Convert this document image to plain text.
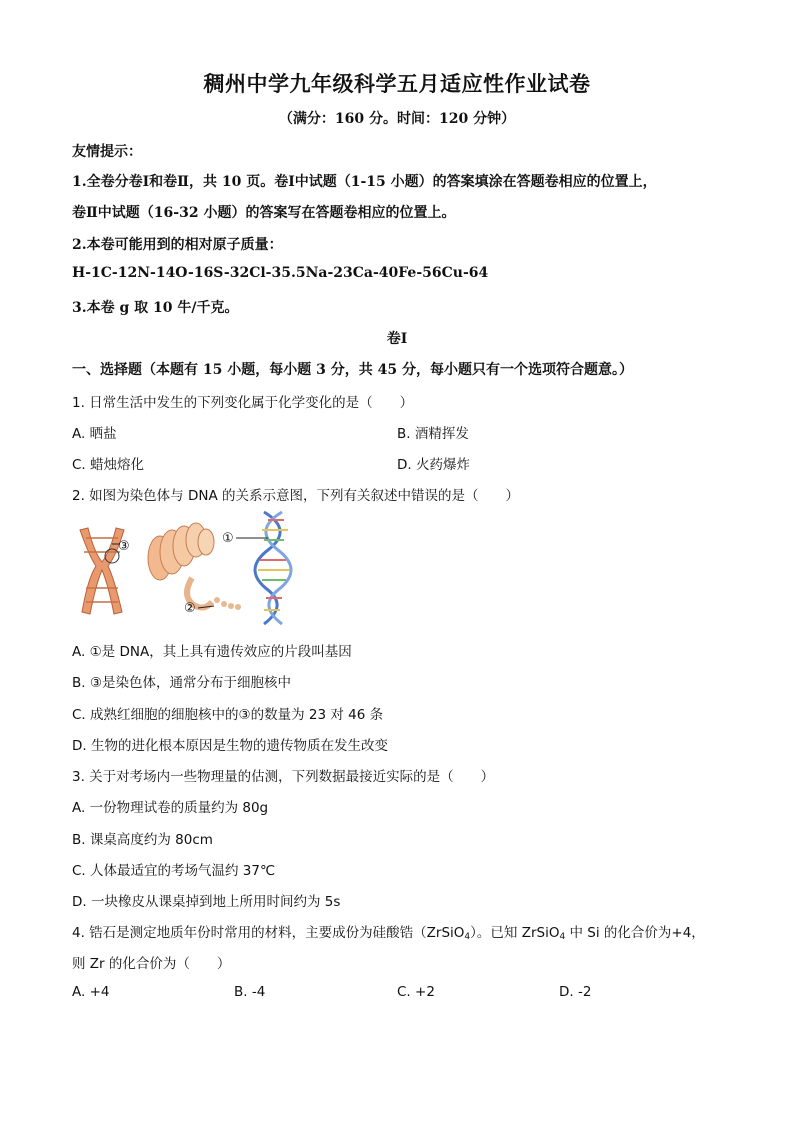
稠州中学九年级科学五月适应性作业试卷
（满分：160 分。时间：120 分钟）
友情提示：
1.全卷分卷Ⅰ和卷Ⅱ，共 10 页。卷Ⅰ中试题（1-15 小题）的答案填涂在答题卷相应的位置上，
卷Ⅱ中试题（16-32 小题）的答案写在答题卷相应的位置上。
2.本卷可能用到的相对原子质量：
H-1C-12N-14O-16S-32Cl-35.5Na-23Ca-40Fe-56Cu-64
3.本卷 g 取 10 牛/千克。
卷Ⅰ
一、选择题（本题有 15 小题，每小题 3 分，共 45 分，每小题只有一个选项符合题意。）
1. 日常生活中发生的下列变化属于化学变化的是（　　）
A. 晒盐	B. 酒精挥发
C. 蜡烛熔化	D. 火药爆炸
2. 如图为染色体与 DNA 的关系示意图，下列有关叙述中错误的是（　　）
③
②
①
A. ①是 DNA，其上具有遗传效应的片段叫基因
B. ③是染色体，通常分布于细胞核中
C. 成熟红细胞的细胞核中的③的数量为 23 对 46 条
D. 生物的进化根本原因是生物的遗传物质在发生改变
3. 关于对考场内一些物理量的估测，下列数据最接近实际的是（　　）
A. 一份物理试卷的质量约为 80g
B. 课桌高度约为 80cm
C. 人体最适宜的考场气温约 37℃
D. 一块橡皮从课桌掉到地上所用时间约为 5s
4. 锆石是测定地质年份时常用的材料，主要成份为硅酸锆（ZrSiO$_4$）。已知 ZrSiO$_4$ 中 Si 的化合价为+4，
则 Zr 的化合价为（　　）
A. +4	B. -4	C. +2	D. -2
